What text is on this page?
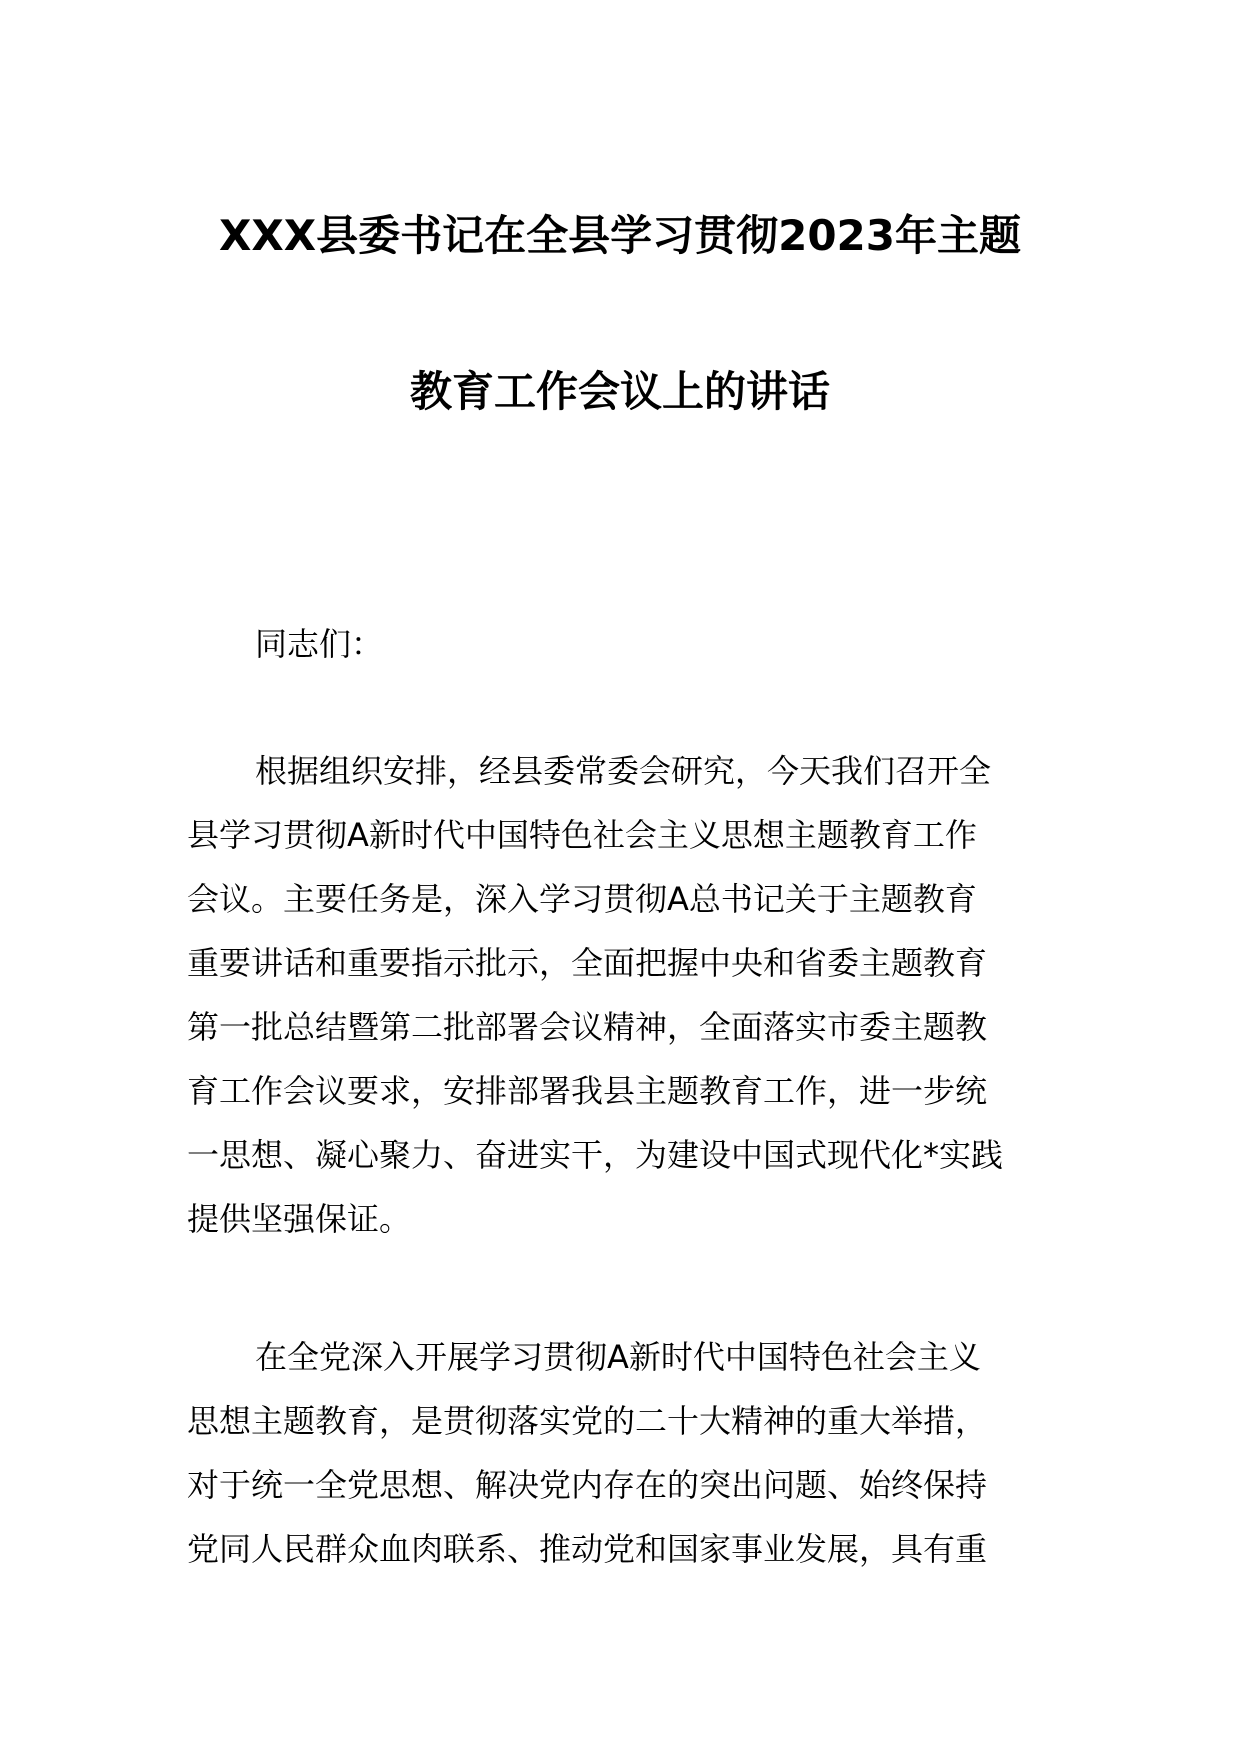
XXX县委书记在全县学习贯彻2023年主题
教育工作会议上的讲话

同志们：

根据组织安排，经县委常委会研究，今天我们召开全
县学习贯彻A新时代中国特色社会主义思想主题教育工作
会议。主要任务是，深入学习贯彻A总书记关于主题教育
重要讲话和重要指示批示，全面把握中央和省委主题教育
第一批总结暨第二批部署会议精神，全面落实市委主题教
育工作会议要求，安排部署我县主题教育工作，进一步统
一思想、凝心聚力、奋进实干，为建设中国式现代化*实践
提供坚强保证。
在全党深入开展学习贯彻A新时代中国特色社会主义
思想主题教育，是贯彻落实党的二十大精神的重大举措，
对于统一全党思想、解决党内存在的突出问题、始终保持
党同人民群众血肉联系、推动党和国家事业发展，具有重
